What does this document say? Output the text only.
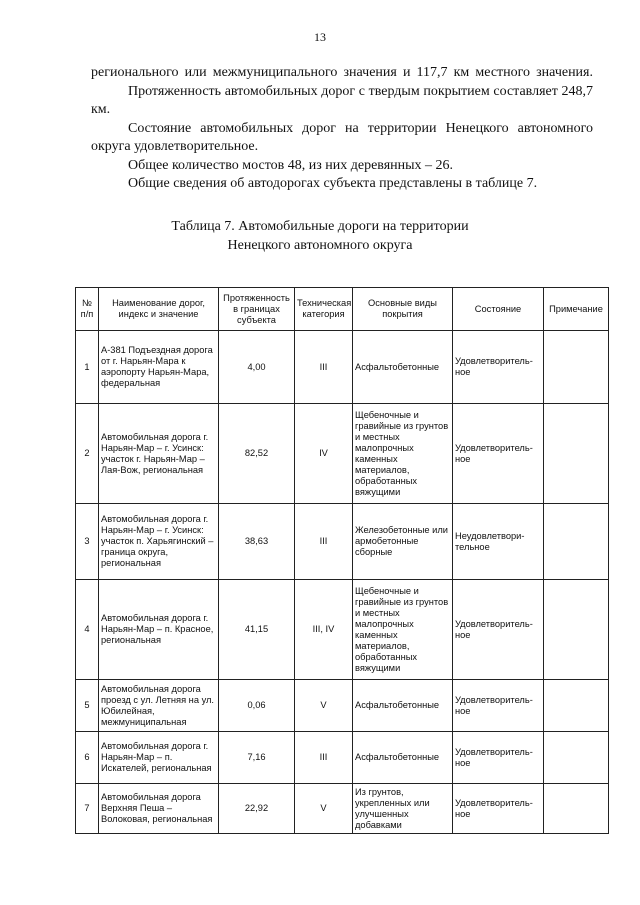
13

регионального или межмуниципального значения и 117,7 км местного значения.

Протяженность автомобильных дорог с твердым покрытием составляет 248,7 км.

Состояние автомобильных дорог на территории Ненецкого автономного округа удовлетворительное.

Общее количество мостов 48, из них деревянных – 26.

Общие сведения об автодорогах субъекта представлены в таблице 7.

Таблица 7. Автомобильные дороги на территории
Ненецкого автономного округа
№ п/п	Наименование дорог, индекс и значение	Протяженность в границах субъекта	Техническая категория	Основные виды покрытия	Состояние	Примечание
1	А-381 Подъездная дорога от г. Нарьян-Мара к аэропорту Нарьян-Мара, федеральная	4,00	III	Асфальтобетонные	Удовлетворитель-ное	
2	Автомобильная дорога г. Нарьян-Мар – г. Усинск: участок г. Нарьян-Мар – Лая-Вож, региональная	82,52	IV	Щебеночные и гравийные из грунтов и местных малопрочных каменных материалов, обработанных вяжущими	Удовлетворитель-ное	
3	Автомобильная дорога г. Нарьян-Мар – г. Усинск: участок п. Харьягинский – граница округа, региональная	38,63	III	Железобетонные или армобетонные сборные	Неудовлетвори-тельное	
4	Автомобильная дорога г. Нарьян-Мар – п. Красное, региональная	41,15	III, IV	Щебеночные и гравийные из грунтов и местных малопрочных каменных материалов, обработанных вяжущими	Удовлетворитель-ное	
5	Автомобильная дорога проезд с ул. Летняя на ул. Юбилейная, межмуниципальная	0,06	V	Асфальтобетонные	Удовлетворитель-ное	
6	Автомобильная дорога г. Нарьян-Мар – п. Искателей, региональная	7,16	III	Асфальтобетонные	Удовлетворитель-ное	
7	Автомобильная дорога Верхняя Пеша – Волоковая, региональная	22,92	V	Из грунтов, укрепленных или улучшенных добавками	Удовлетворитель-ное	
